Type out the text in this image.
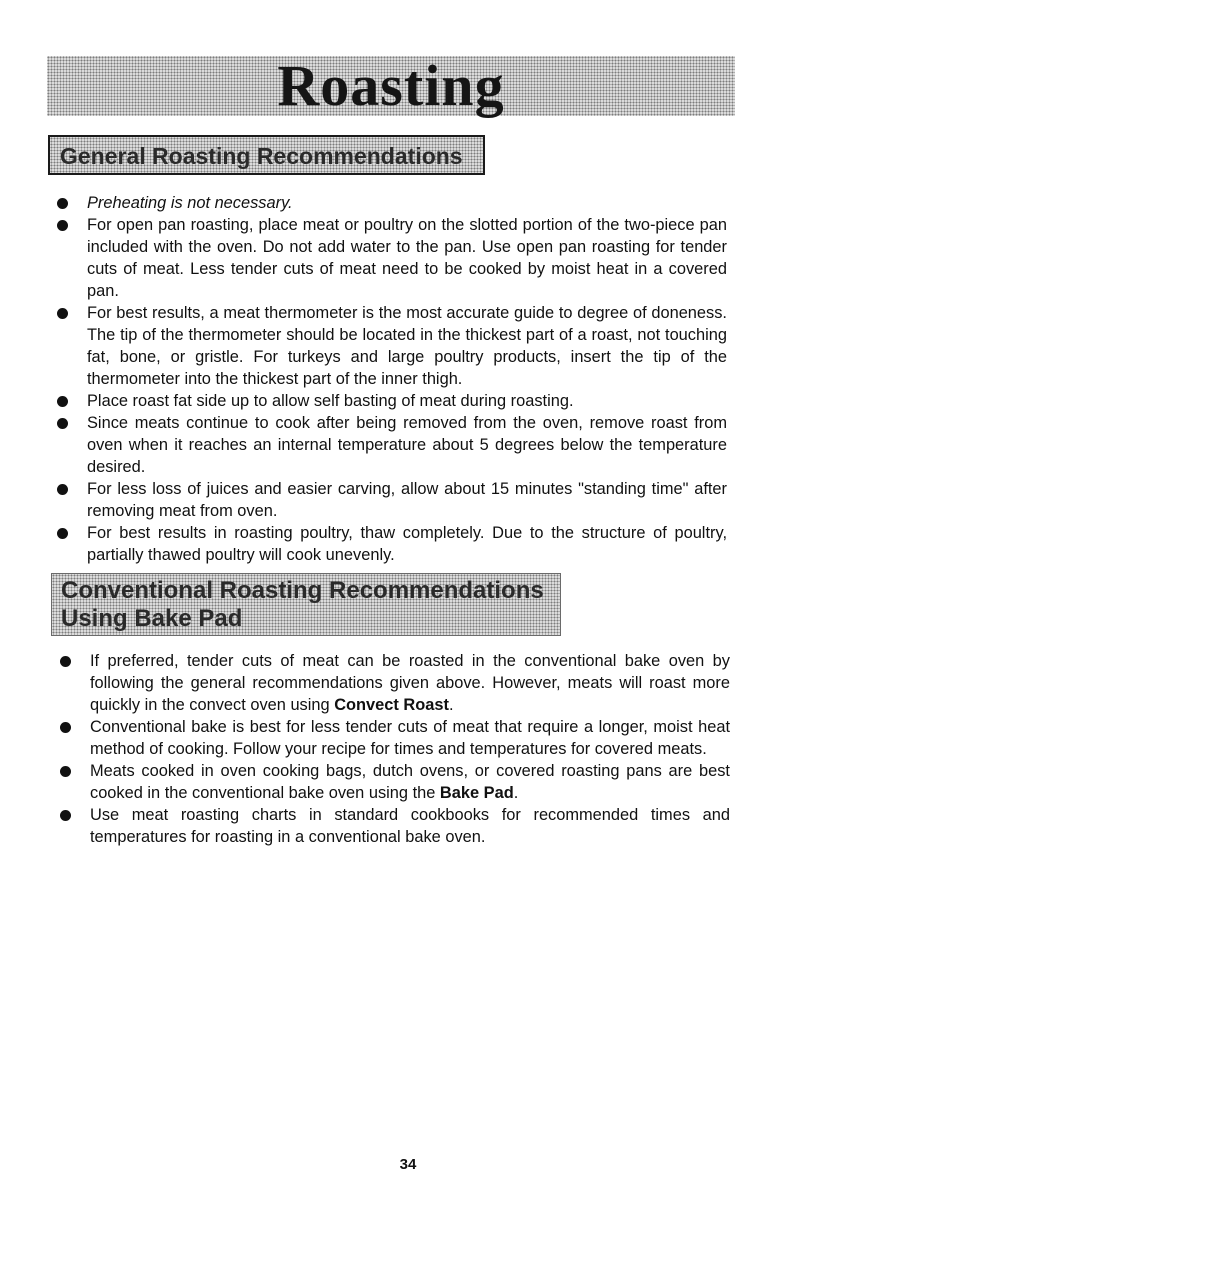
Roasting

General Roasting Recommendations

Preheating is not necessary.
For open pan roasting, place meat or poultry on the slotted portion of the two-piece pan included with the oven. Do not add water to the pan. Use open pan roasting for tender cuts of meat. Less tender cuts of meat need to be cooked by moist heat in a covered pan.
For best results, a meat thermometer is the most accurate guide to degree of doneness. The tip of the thermometer should be located in the thickest part of a roast, not touching fat, bone, or gristle. For turkeys and large poultry products, insert the tip of the thermometer into the thickest part of the inner thigh.
Place roast fat side up to allow self basting of meat during roasting.
Since meats continue to cook after being removed from the oven, remove roast from oven when it reaches an internal temperature about 5 degrees below the temperature desired.
For less loss of juices and easier carving, allow about 15 minutes "standing time" after removing meat from oven.
For best results in roasting poultry, thaw completely. Due to the structure of poultry, partially thawed poultry will cook unevenly.

Conventional Roasting Recommendations

Using Bake Pad

If preferred, tender cuts of meat can be roasted in the conventional bake oven by following the general recommendations given above. However, meats will roast more quickly in the convect oven using Convect Roast.
Conventional bake is best for less tender cuts of meat that require a longer, moist heat method of cooking. Follow your recipe for times and temperatures for covered meats.
Meats cooked in oven cooking bags, dutch ovens, or covered roasting pans are best cooked in the conventional bake oven using the Bake Pad.
Use meat roasting charts in standard cookbooks for recommended times and temperatures for roasting in a conventional bake oven.
34
